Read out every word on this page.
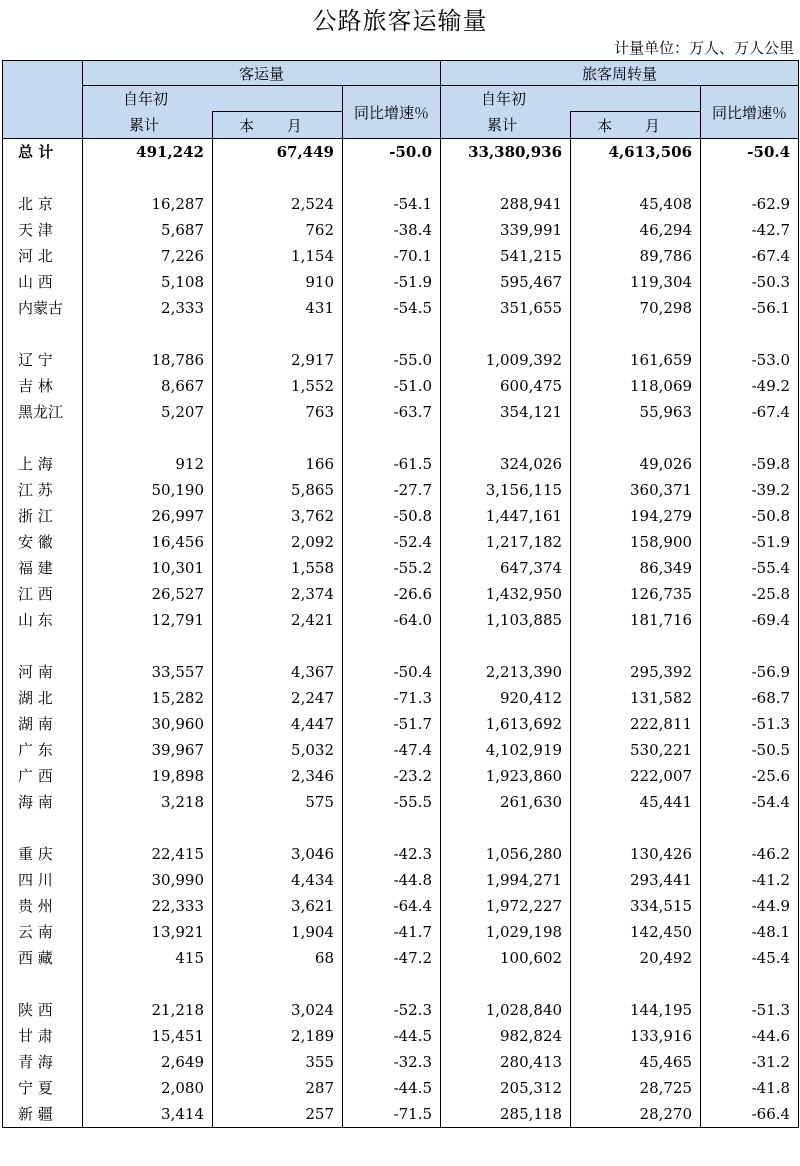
公路旅客运输量
计量单位：万人、万人公里
	客运量			旅客周转量		
	自年初		同比增速％	自年初		同比增速％
	累计	本 月		累计	本 月	
总 计	491,242	67,449	-50.0	33,380,936	4,613,506	-50.4

北 京	16,287	2,524	-54.1	288,941	45,408	-62.9
天 津	5,687	762	-38.4	339,991	46,294	-42.7
河 北	7,226	1,154	-70.1	541,215	89,786	-67.4
山 西	5,108	910	-51.9	595,467	119,304	-50.3
内蒙古	2,333	431	-54.5	351,655	70,298	-56.1

辽 宁	18,786	2,917	-55.0	1,009,392	161,659	-53.0
吉 林	8,667	1,552	-51.0	600,475	118,069	-49.2
黑龙江	5,207	763	-63.7	354,121	55,963	-67.4

上 海	912	166	-61.5	324,026	49,026	-59.8
江 苏	50,190	5,865	-27.7	3,156,115	360,371	-39.2
浙 江	26,997	3,762	-50.8	1,447,161	194,279	-50.8
安 徽	16,456	2,092	-52.4	1,217,182	158,900	-51.9
福 建	10,301	1,558	-55.2	647,374	86,349	-55.4
江 西	26,527	2,374	-26.6	1,432,950	126,735	-25.8
山 东	12,791	2,421	-64.0	1,103,885	181,716	-69.4

河 南	33,557	4,367	-50.4	2,213,390	295,392	-56.9
湖 北	15,282	2,247	-71.3	920,412	131,582	-68.7
湖 南	30,960	4,447	-51.7	1,613,692	222,811	-51.3
广 东	39,967	5,032	-47.4	4,102,919	530,221	-50.5
广 西	19,898	2,346	-23.2	1,923,860	222,007	-25.6
海 南	3,218	575	-55.5	261,630	45,441	-54.4

重 庆	22,415	3,046	-42.3	1,056,280	130,426	-46.2
四 川	30,990	4,434	-44.8	1,994,271	293,441	-41.2
贵 州	22,333	3,621	-64.4	1,972,227	334,515	-44.9
云 南	13,921	1,904	-41.7	1,029,198	142,450	-48.1
西 藏	415	68	-47.2	100,602	20,492	-45.4

陕 西	21,218	3,024	-52.3	1,028,840	144,195	-51.3
甘 肃	15,451	2,189	-44.5	982,824	133,916	-44.6
青 海	2,649	355	-32.3	280,413	45,465	-31.2
宁 夏	2,080	287	-44.5	205,312	28,725	-41.8
新 疆	3,414	257	-71.5	285,118	28,270	-66.4
